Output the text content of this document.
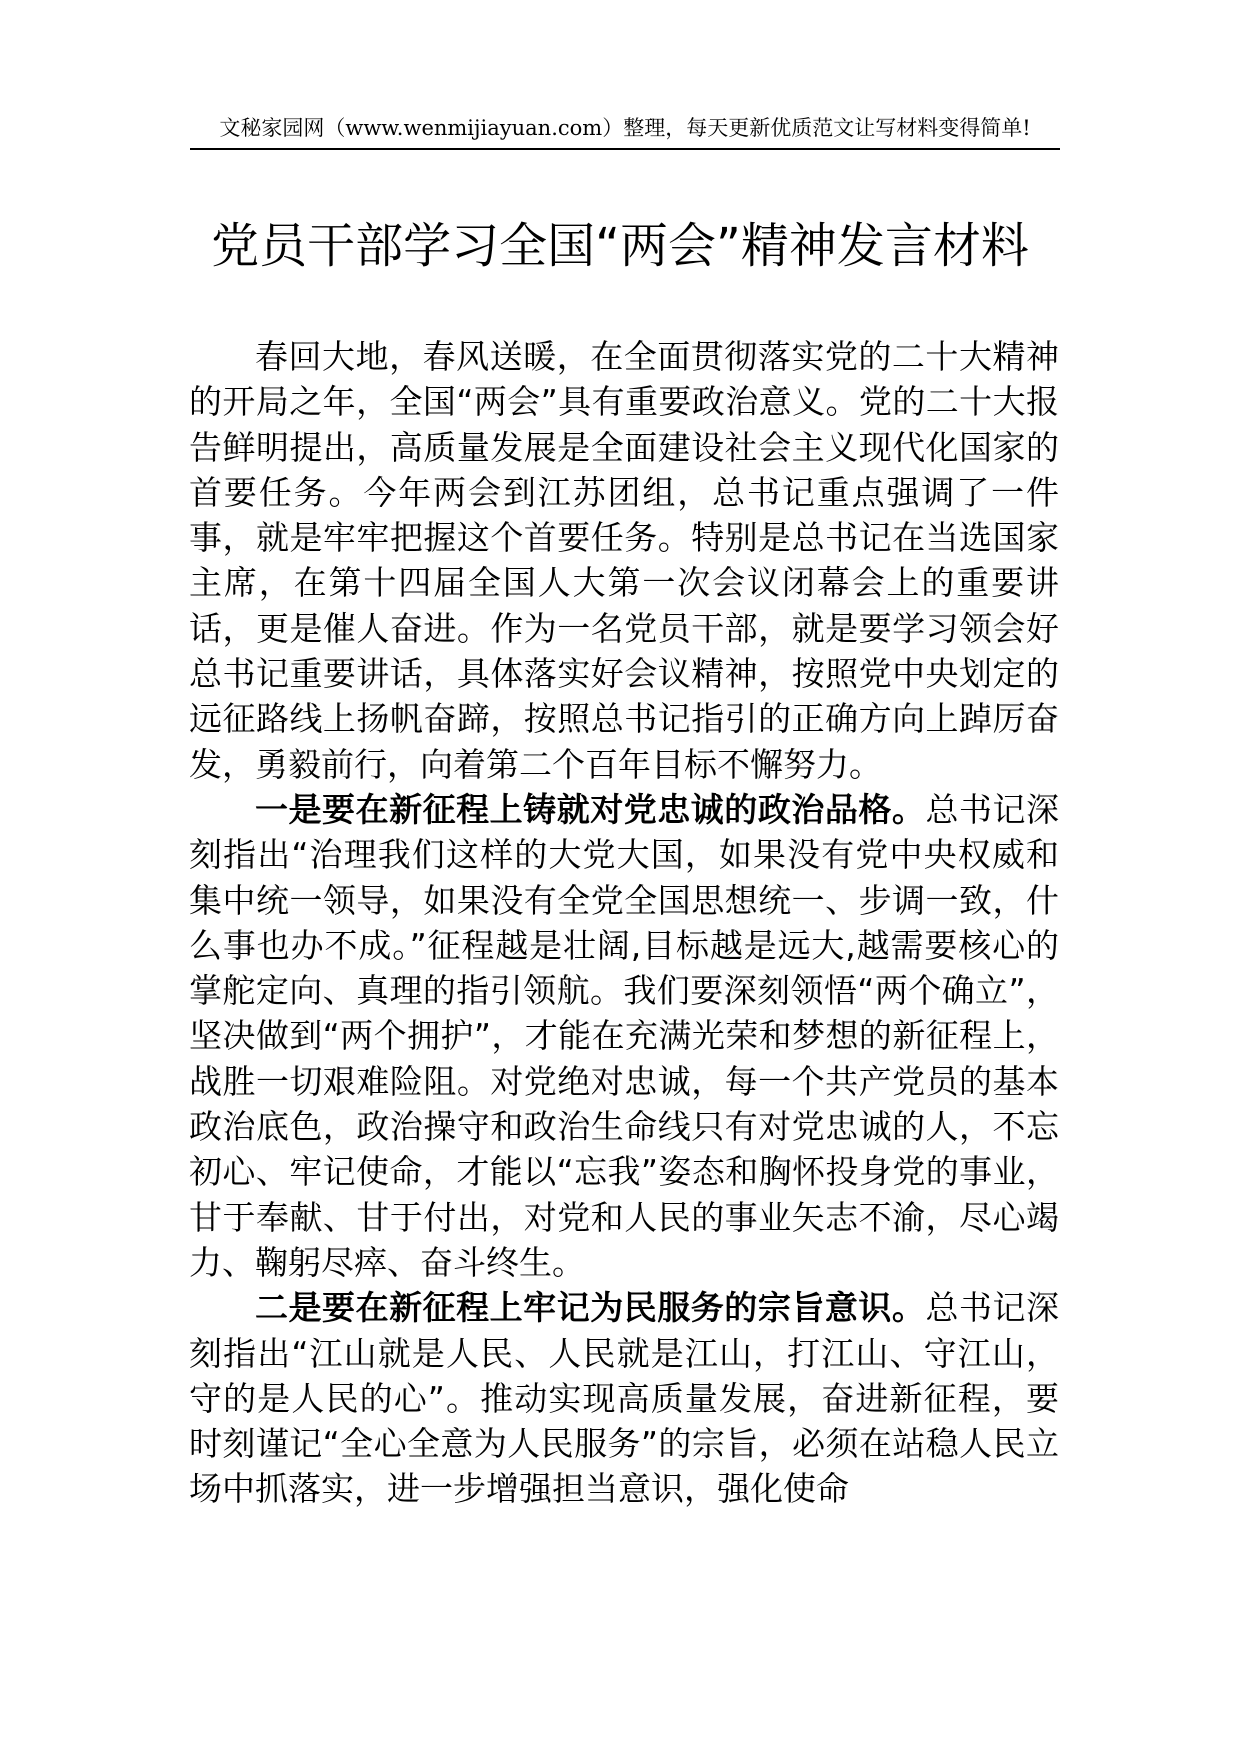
文秘家园网（www.wenmijiayuan.com）整理，每天更新优质范文让写材料变得简单!
党员干部学习全国“两会”精神发言材料

春回大地，春风送暖，在全面贯彻落实党的二十大精神的开局之年，全国“两会”具有重要政治意义。党的二十大报告鲜明提出，高质量发展是全面建设社会主义现代化国家的首要任务。今年两会到江苏团组，总书记重点强调了一件事，就是牢牢把握这个首要任务。特别是总书记在当选国家主席，在第十四届全国人大第一次会议闭幕会上的重要讲话，更是催人奋进。作为一名党员干部，就是要学习领会好总书记重要讲话，具体落实好会议精神，按照党中央划定的远征路线上扬帆奋蹄，按照总书记指引的正确方向上踔厉奋发，勇毅前行，向着第二个百年目标不懈努力。

一是要在新征程上铸就对党忠诚的政治品格。总书记深刻指出“治理我们这样的大党大国，如果没有党中央权威和集中统一领导，如果没有全党全国思想统一、步调一致，什么事也办不成。”征程越是壮阔,目标越是远大,越需要核心的掌舵定向、真理的指引领航。我们要深刻领悟“两个确立”，坚决做到“两个拥护”，才能在充满光荣和梦想的新征程上，战胜一切艰难险阻。对党绝对忠诚，每一个共产党员的基本政治底色，政治操守和政治生命线只有对党忠诚的人，不忘初心、牢记使命，才能以“忘我”姿态和胸怀投身党的事业，甘于奉献、甘于付出，对党和人民的事业矢志不渝，尽心竭力、鞠躬尽瘁、奋斗终生。

二是要在新征程上牢记为民服务的宗旨意识。总书记深刻指出“江山就是人民、人民就是江山，打江山、守江山，守的是人民的心”。推动实现高质量发展，奋进新征程，要时刻谨记“全心全意为人民服务”的宗旨，必须在站稳人民立场中抓落实，进一步增强担当意识，强化使命
